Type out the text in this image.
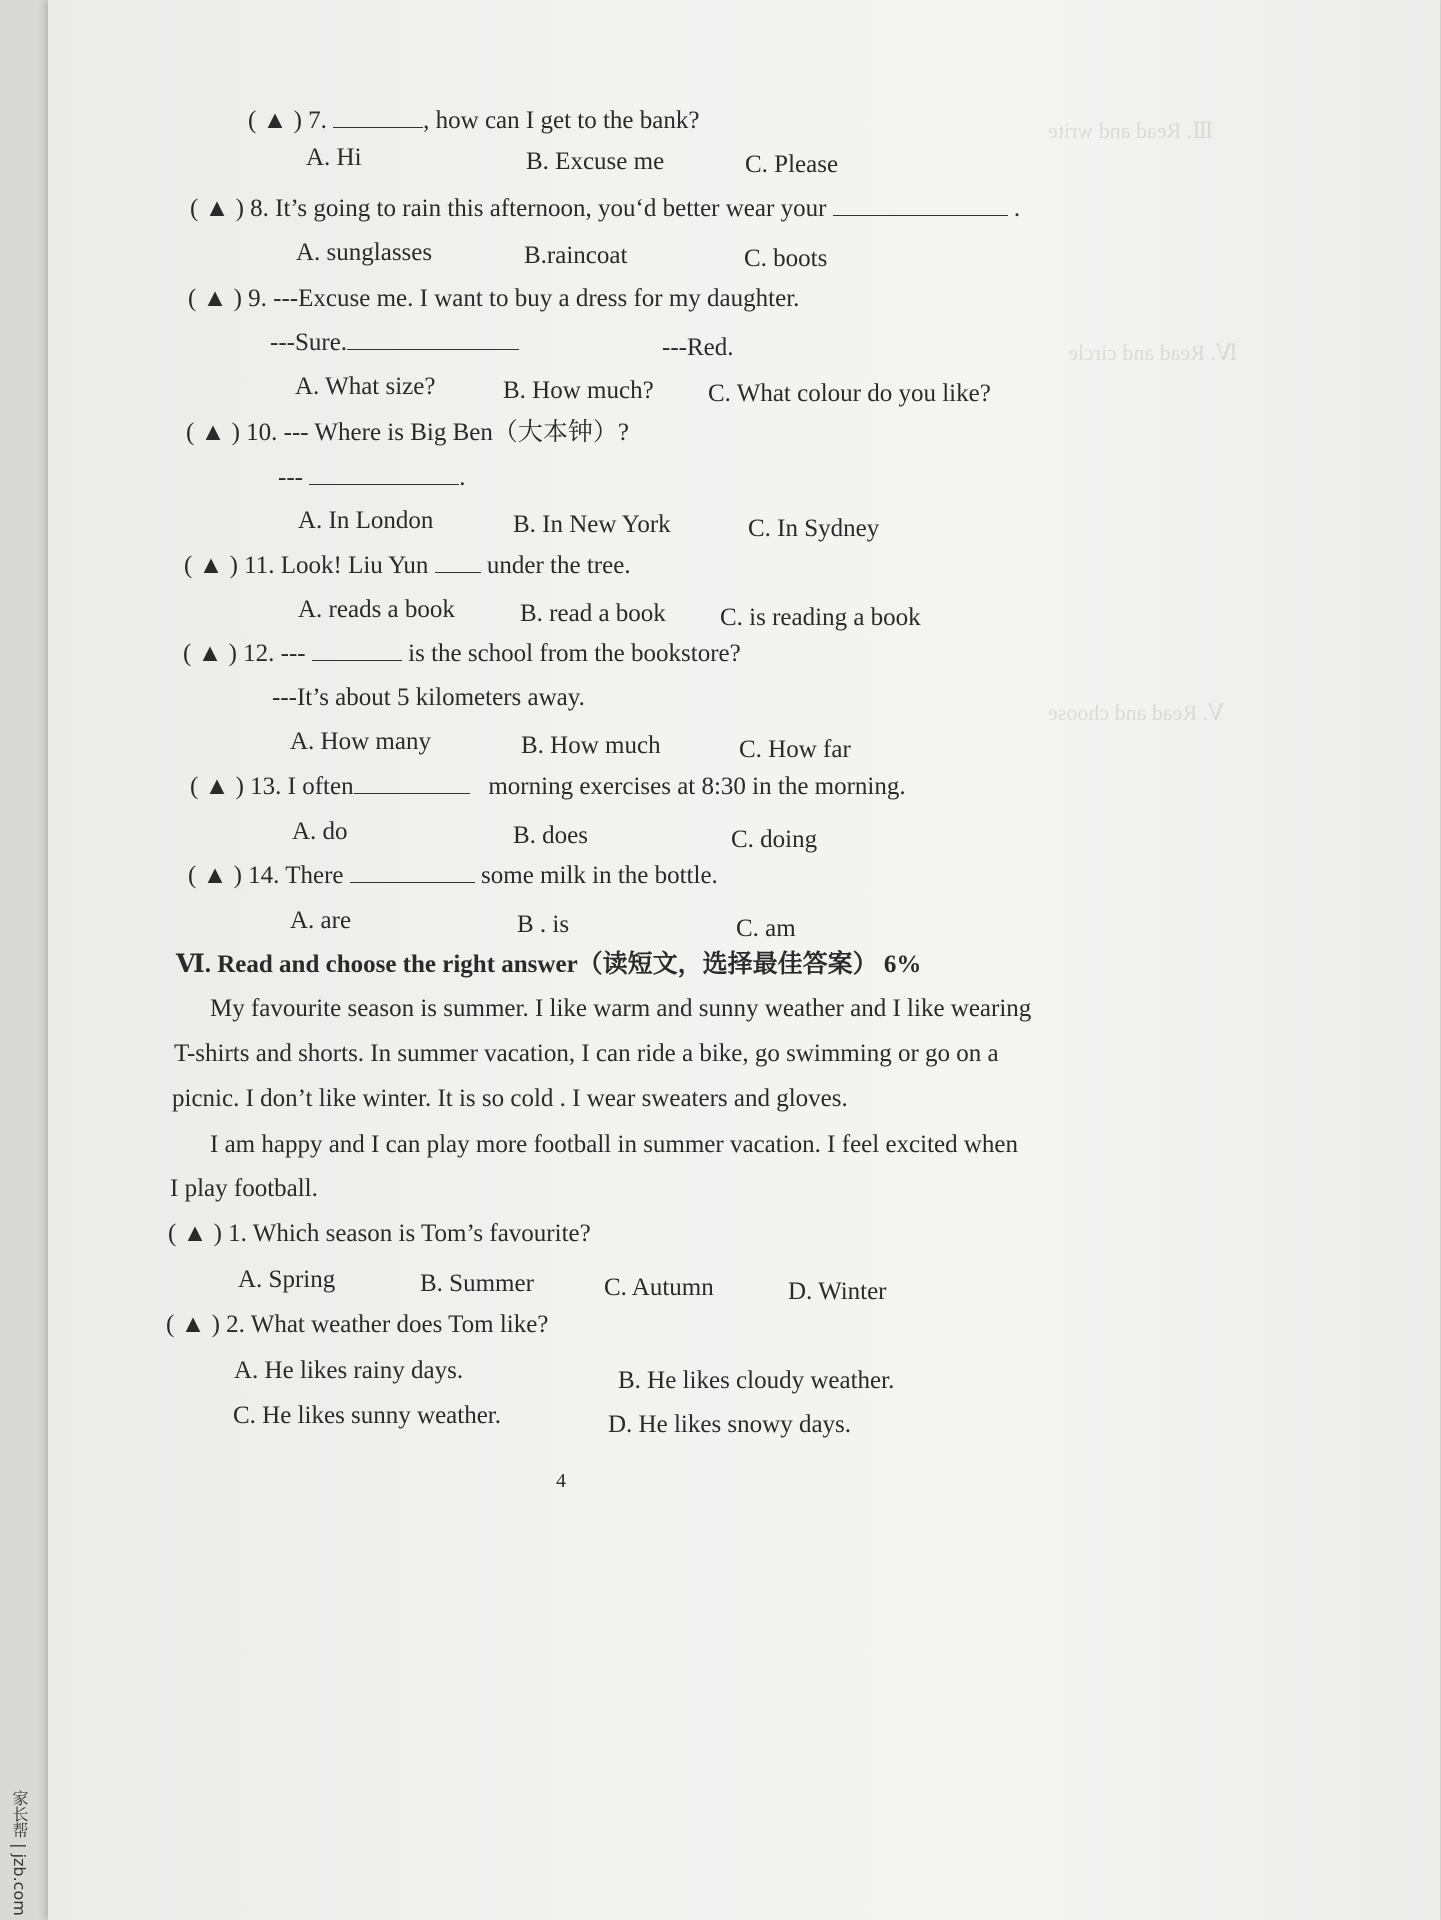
Ⅲ. Read and write
Ⅳ. Read and circle
Ⅴ. Read and choose
( ▲ ) 7.	, how can I get to the bank?
A. Hi	B. Excuse me	C. Please
( ▲ ) 8. It’s going to rain this afternoon, you‘d better wear your	.
A. sunglasses	B.raincoat	C. boots
( ▲ ) 9. ---Excuse me. I want to buy a dress for my daughter.
---Sure.	---Red.
A. What size?	B. How much? C. What colour do you like?
( ▲ ) 10. --- Where is Big Ben（大本钟）?
---	.
A. In London	B. In New York	C. In Sydney
( ▲ ) 11. Look! Liu Yun under the tree.
A. reads a book	B. read a book C. is reading a book
( ▲ ) 12. ---	is the school from the bookstore?
---It’s about 5 kilometers away.
A. How many	B. How much	C. How far
( ▲ ) 13. I often	morning exercises at 8:30 in the morning.
A. do	B. does	C. doing
( ▲ ) 14. There	some milk in the bottle.
A. are	B . is	C. am
Ⅵ. Read and choose the right answer（读短文，选择最佳答案） 6%
My favourite season is summer. I like warm and sunny weather and I like wearing
T-shirts and shorts. In summer vacation, I can ride a bike, go swimming or go on a
picnic. I don’t like winter. It is so cold . I wear sweaters and gloves.
I am happy and I can play more football in summer vacation. I feel excited when
I play football.
( ▲ ) 1. Which season is Tom’s favourite?
A. Spring	B. Summer	C. Autumn	D. Winter
( ▲ ) 2. What weather does Tom like?
A. He likes rainy days.	B. He likes cloudy weather.
C. He likes sunny weather.	D. He likes snowy days.
4
家长帮 | jzb.com
